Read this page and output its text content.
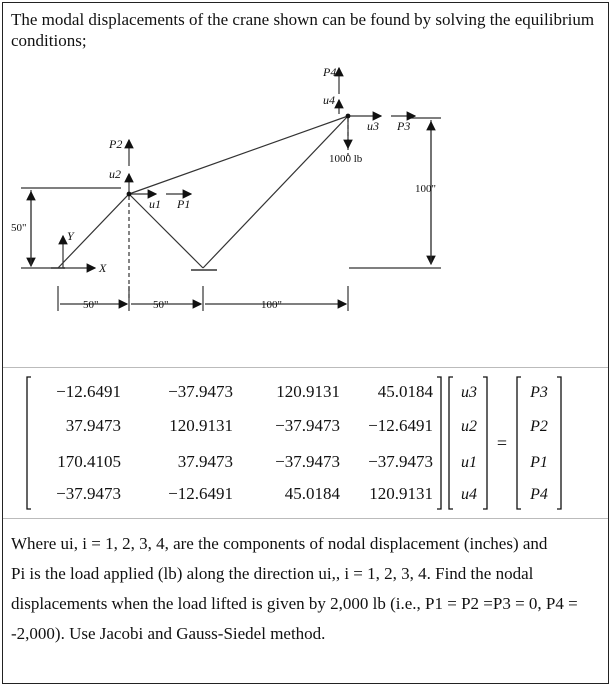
The modal displacements of the crane shown can be found by solving the equilibrium conditions;
P4
u4
u3 P3
P2
u2
u1 P1
Y
X
1000 lb
100"
50"
50"	50"	100"
−12.6491	−37.9473	120.9131 45.0184
37.9473	120.9131 −37.9473 −12.6491
170.4105	37.9473 −37.9473 −37.9473
−37.9473	−12.6491	45.0184 120.9131
u3
u2
u1
u4
P3
P2
P1
P4
=
Where ui, i = 1, 2, 3, 4, are the components of nodal displacement (inches) and
Pi is the load applied (lb) along the direction ui,, i = 1, 2, 3, 4. Find the nodal
displacements when the load lifted is given by 2,000 lb (i.e., P1 = P2 =P3 = 0, P4 =
-2,000). Use Jacobi and Gauss-Siedel method.
